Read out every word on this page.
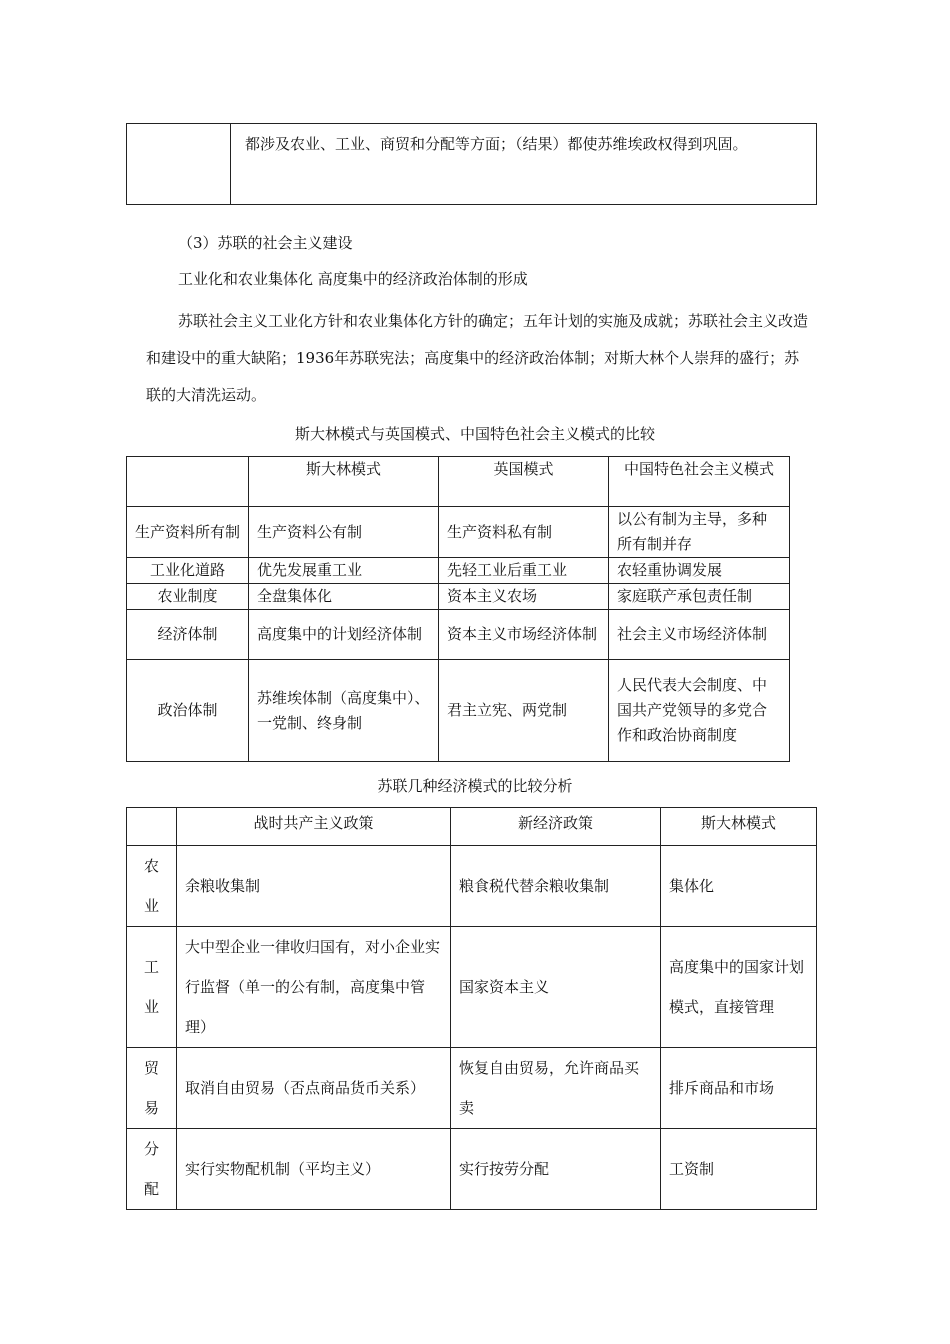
	都涉及农业、工业、商贸和分配等方面；（结果）都使苏维埃政权得到巩固。
（3）苏联的社会主义建设
工业化和农业集体化 高度集中的经济政治体制的形成
苏联社会主义工业化方针和农业集体化方针的确定；五年计划的实施及成就；苏联社会主义改造和建设中的重大缺陷；1936年苏联宪法；高度集中的经济政治体制；对斯大林个人崇拜的盛行；苏联的大清洗运动。
斯大林模式与英国模式、中国特色社会主义模式的比较
	斯大林模式	英国模式	中国特色社会主义模式
生产资料所有制	生产资料公有制	生产资料私有制	以公有制为主导，多种所有制并存
工业化道路	优先发展重工业	先轻工业后重工业	农轻重协调发展
农业制度	全盘集体化	资本主义农场	家庭联产承包责任制
经济体制	高度集中的计划经济体制	资本主义市场经济体制	社会主义市场经济体制
政治体制	苏维埃体制（高度集中）、一党制、终身制	君主立宪、两党制	人民代表大会制度、中国共产党领导的多党合作和政治协商制度
苏联几种经济模式的比较分析
	战时共产主义政策	新经济政策	斯大林模式
农业	余粮收集制	粮食税代替余粮收集制	集体化
工业	大中型企业一律收归国有，对小企业实行监督（单一的公有制，高度集中管理）	国家资本主义	高度集中的国家计划模式，直接管理
贸易	取消自由贸易（否点商品货币关系）	恢复自由贸易，允许商品买卖	排斥商品和市场
分配	实行实物配机制（平均主义）	实行按劳分配	工资制
